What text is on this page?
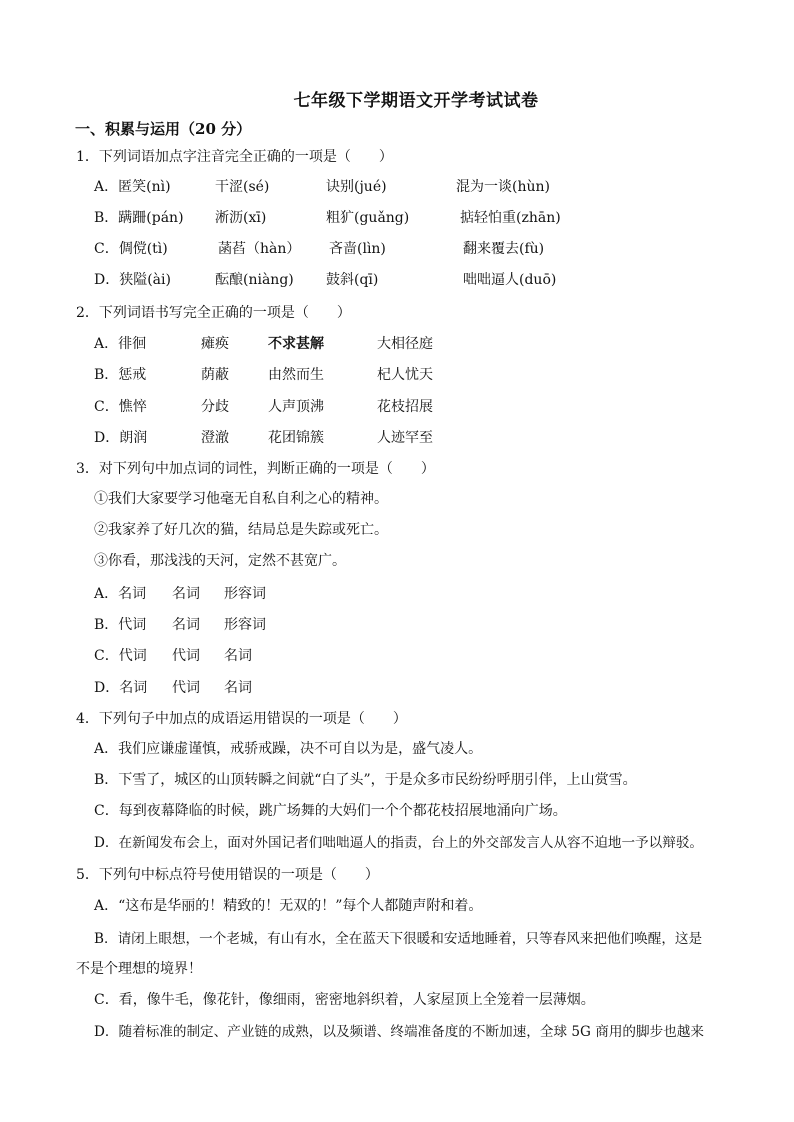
七年级下学期语文开学考试试卷
一、积累与运用（20 分）
1．下列词语加点字注音完全正确的一项是（　　）
A．匿笑(nì)	干涩(sé)	诀别(jué)	混为一谈(hùn)
B．蹒跚(pán) 淅沥(xī)	粗犷(guǎng)	掂轻怕重(zhān)
C．倜傥(tì)	菡萏（hàn） 吝啬(lìn)	翻来覆去(fù)
D．狭隘(ài)	酝酿(niàng) 鼓斜(qī)	咄咄逼人(duō)
2．下列词语书写完全正确的一项是（　　）
A．徘徊	瘫痪	不求甚解	大相径庭
B．惩戒	荫蔽	由然而生	杞人忧天
C．憔悴	分歧	人声顶沸	花枝招展
D．朗润	澄澈	花团锦簇	人迹罕至
3．对下列句中加点词的词性，判断正确的一项是（　　）
①我们大家要学习他毫无自私自利之心的精神。
②我家养了好几次的猫，结局总是失踪或死亡。
③你看，那浅浅的天河，定然不甚宽广。
A．名词 名词 形容词
B．代词 名词 形容词
C．代词 代词 名词
D．名词 代词 名词
4．下列句子中加点的成语运用错误的一项是（　　）
A．我们应谦虚谨慎，戒骄戒躁，决不可自以为是，盛气凌人。
B．下雪了，城区的山顶转瞬之间就“白了头”，于是众多市民纷纷呼朋引伴，上山赏雪。
C．每到夜幕降临的时候，跳广场舞的大妈们一个个都花枝招展地涌向广场。
D．在新闻发布会上，面对外国记者们咄咄逼人的指责，台上的外交部发言人从容不迫地一予以辩驳。
5．下列句中标点符号使用错误的一项是（　　）
A．“这布是华丽的！精致的！无双的！”每个人都随声附和着。
B．请闭上眼想，一个老城，有山有水，全在蓝天下很暖和安适地睡着，只等春风来把他们唤醒，这是
不是个理想的境界！
C．看，像牛毛，像花针，像细雨，密密地斜织着，人家屋顶上全笼着一层薄烟。
D．随着标准的制定、产业链的成熟，以及频谱、终端准备度的不断加速，全球 5G 商用的脚步也越来
